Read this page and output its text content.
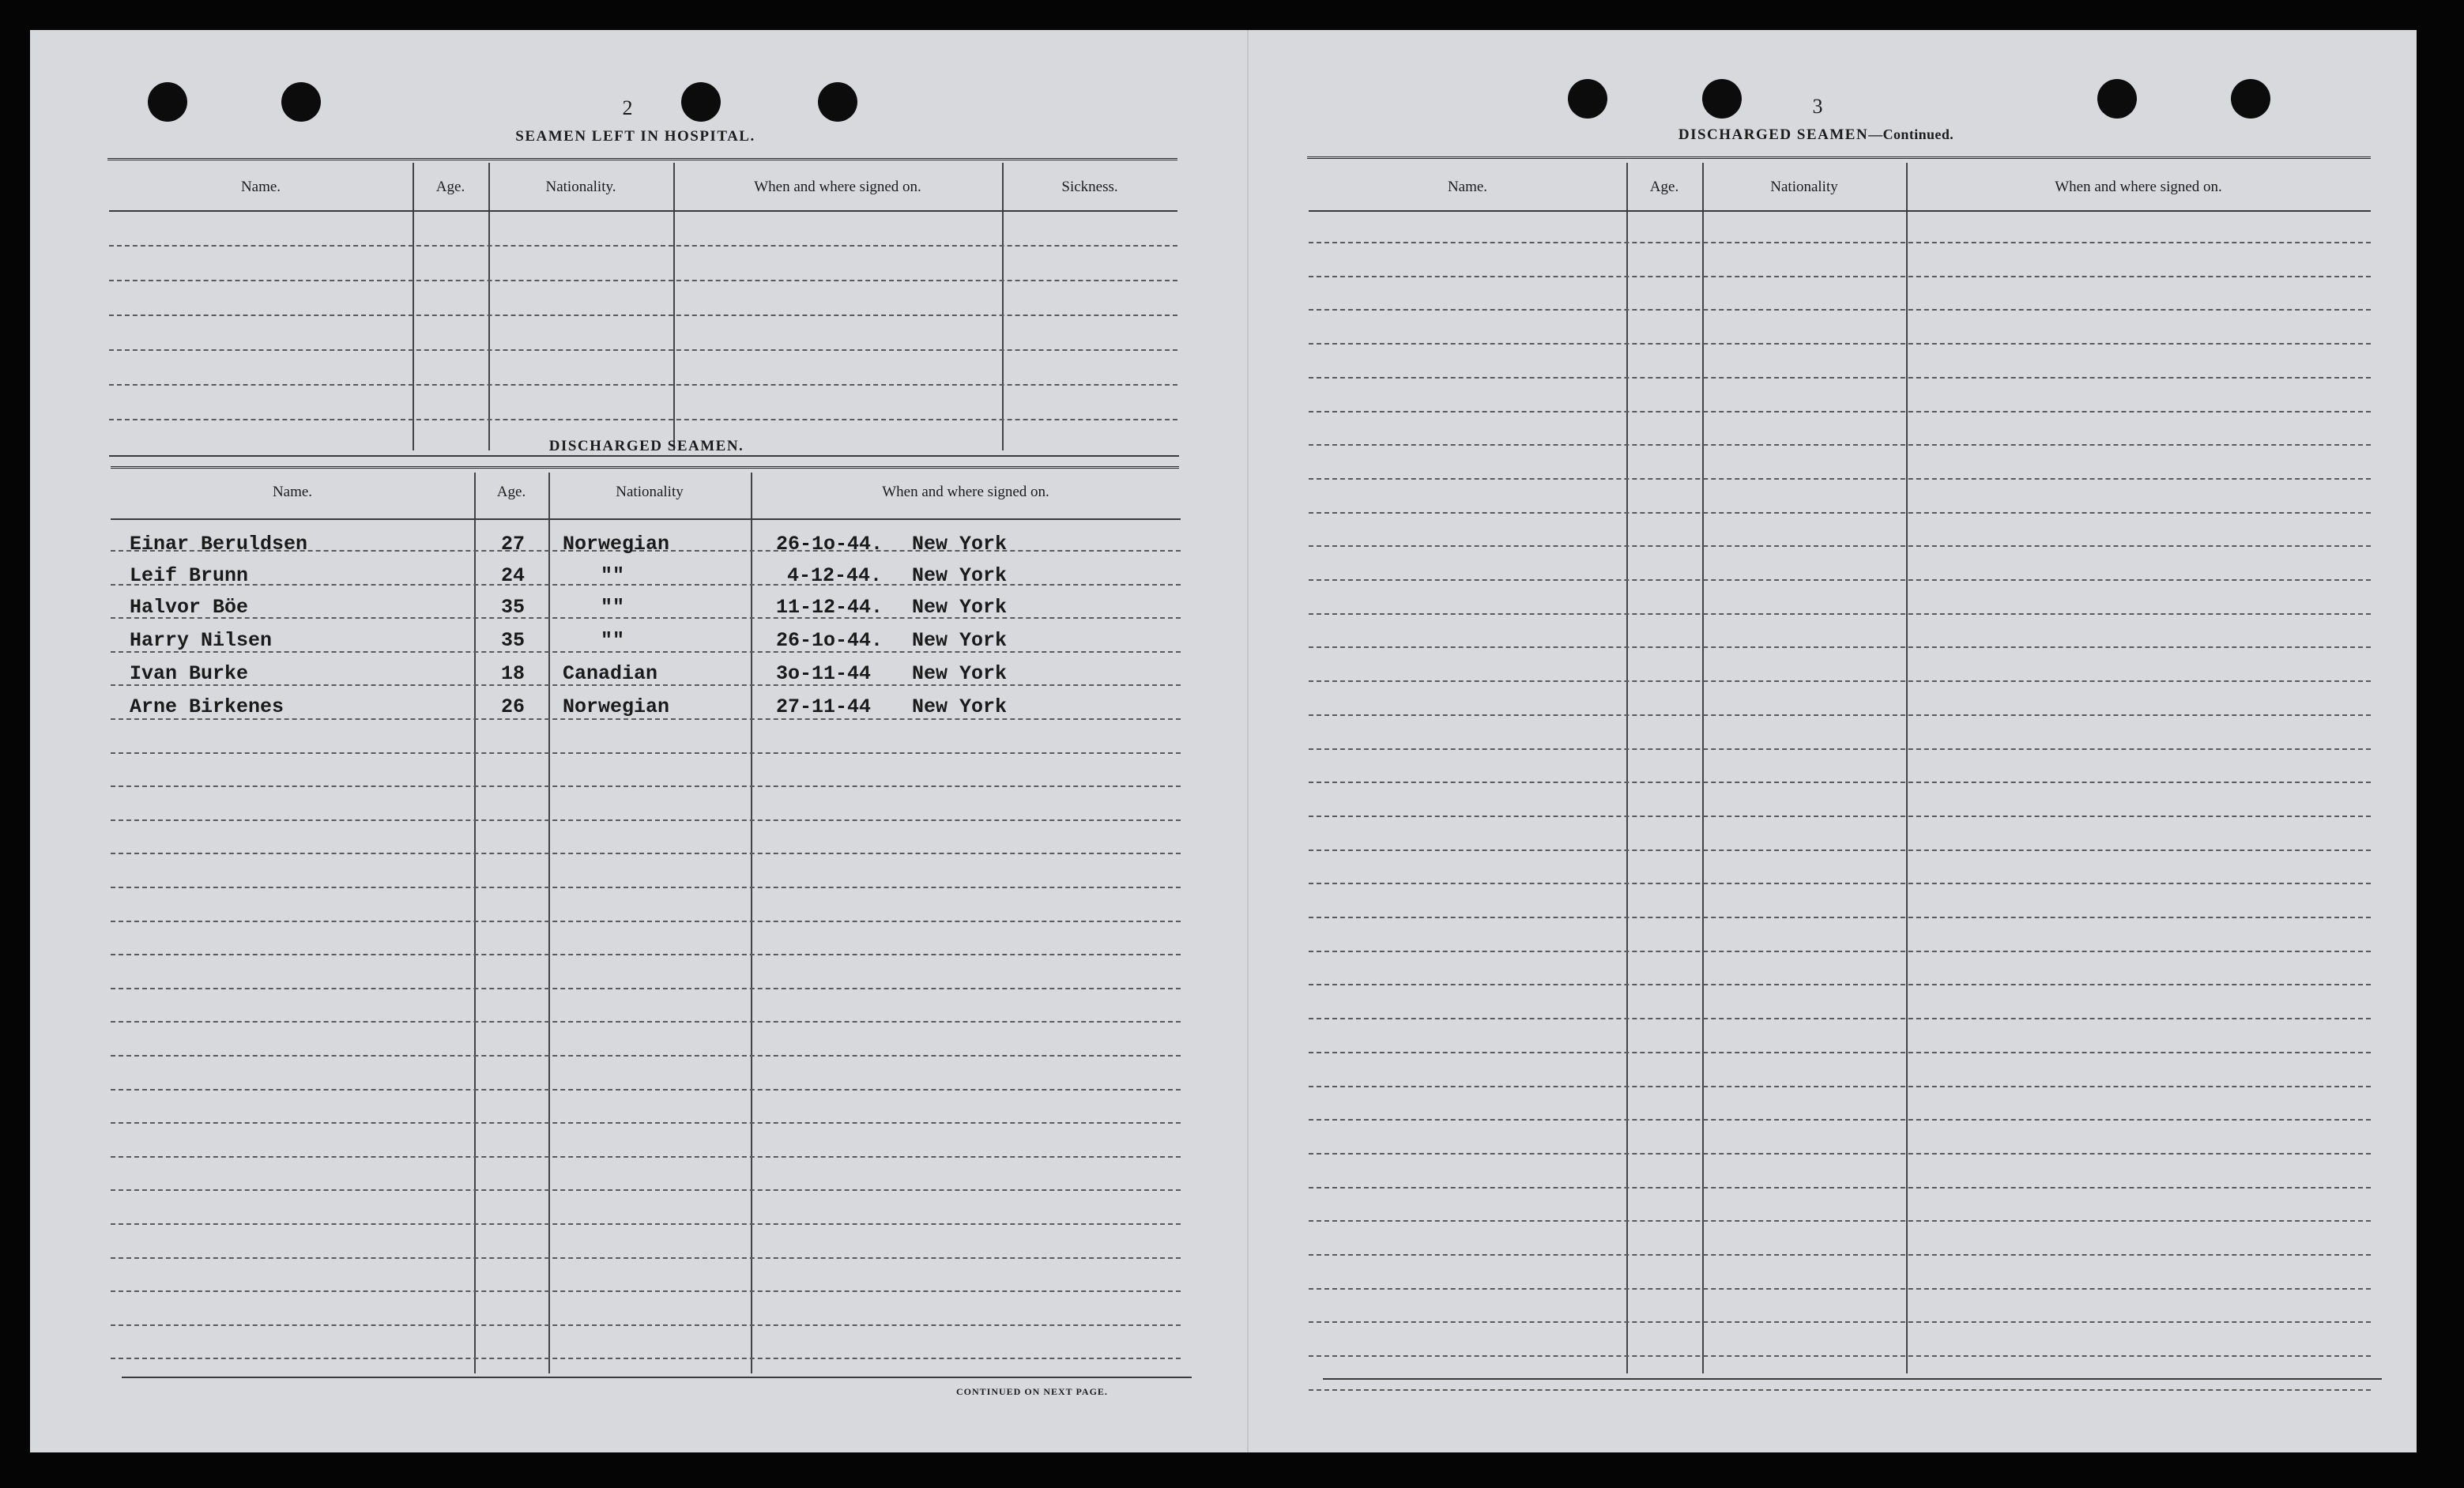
2
SEAMEN LEFT IN HOSPITAL.
Name.	Age.	Nationality.	When and where signed on.	Sickness.
DISCHARGED SEAMEN.
Name.	Age.	Nationality	When and where signed on.
Einar Beruldsen	27 Norwegian	26-1o-44. New York
Leif Brunn	24	""	4-12-44. New York
Halvor Böe	35	""	11-12-44. New York
Harry Nilsen	35	""	26-1o-44. New York
Ivan Burke	18 Canadian	3o-11-44 New York
Arne Birkenes	26 Norwegian	27-11-44 New York
CONTINUED ON NEXT PAGE.
3
DISCHARGED SEAMEN—Continued.
Name.	Age.	Nationality	When and where signed on.
